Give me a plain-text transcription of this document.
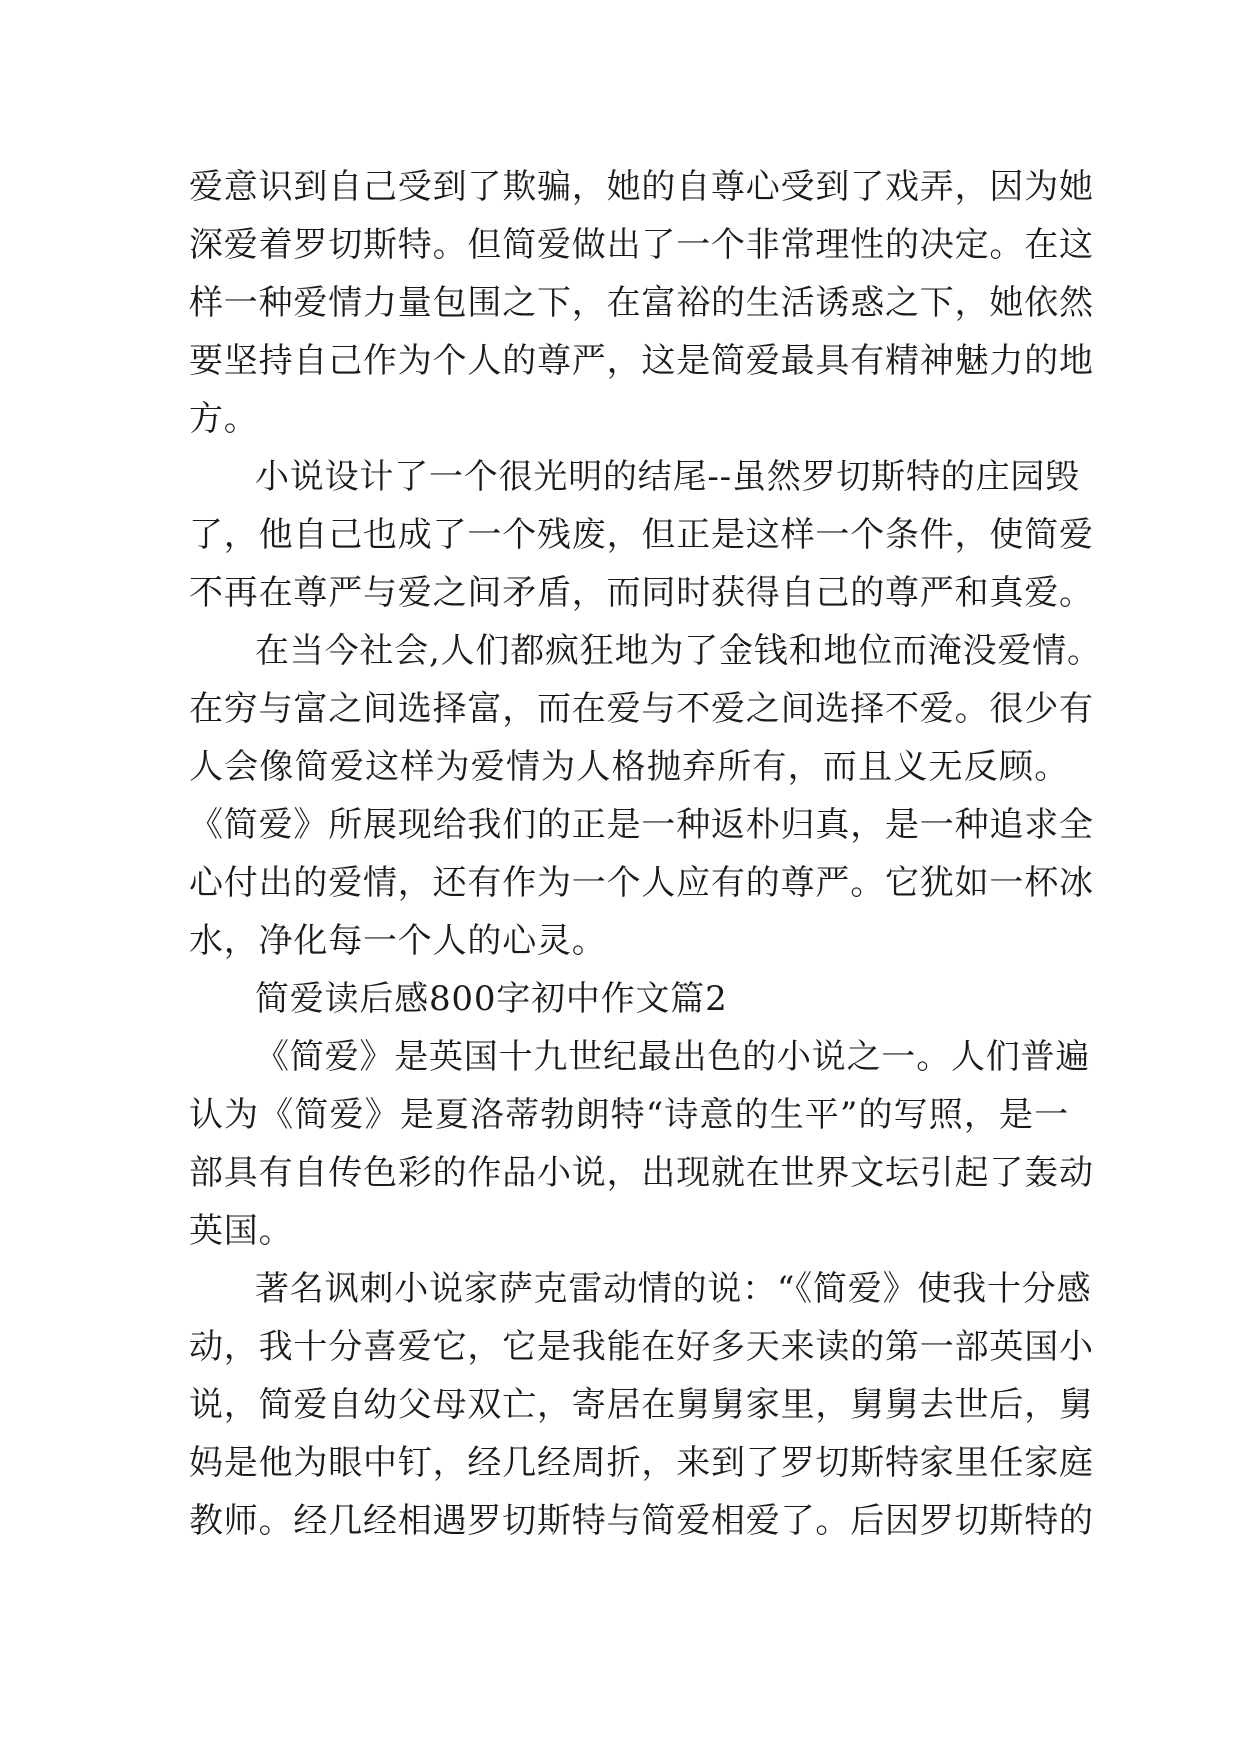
爱意识到自己受到了欺骗，她的自尊心受到了戏弄，因为她
深爱着罗切斯特。但简爱做出了一个非常理性的决定。在这
样一种爱情力量包围之下，在富裕的生活诱惑之下，她依然
要坚持自己作为个人的尊严，这是简爱最具有精神魅力的地
方。
小说设计了一个很光明的结尾--虽然罗切斯特的庄园毁
了，他自己也成了一个残废，但正是这样一个条件，使简爱
不再在尊严与爱之间矛盾，而同时获得自己的尊严和真爱。
在当今社会,人们都疯狂地为了金钱和地位而淹没爱情。
在穷与富之间选择富，而在爱与不爱之间选择不爱。很少有
人会像简爱这样为爱情为人格抛弃所有，而且义无反顾。
《简爱》所展现给我们的正是一种返朴归真，是一种追求全
心付出的爱情，还有作为一个人应有的尊严。它犹如一杯冰
水，净化每一个人的心灵。
简爱读后感800字初中作文篇2
《简爱》是英国十九世纪最出色的小说之一。人们普遍
认为《简爱》是夏洛蒂勃朗特“诗意的生平”的写照，是一
部具有自传色彩的作品小说，出现就在世界文坛引起了轰动
英国。
著名讽刺小说家萨克雷动情的说：“《简爱》使我十分感
动，我十分喜爱它，它是我能在好多天来读的第一部英国小
说，简爱自幼父母双亡，寄居在舅舅家里，舅舅去世后，舅
妈是他为眼中钉，经几经周折，来到了罗切斯特家里任家庭
教师。经几经相遇罗切斯特与简爱相爱了。后因罗切斯特的
